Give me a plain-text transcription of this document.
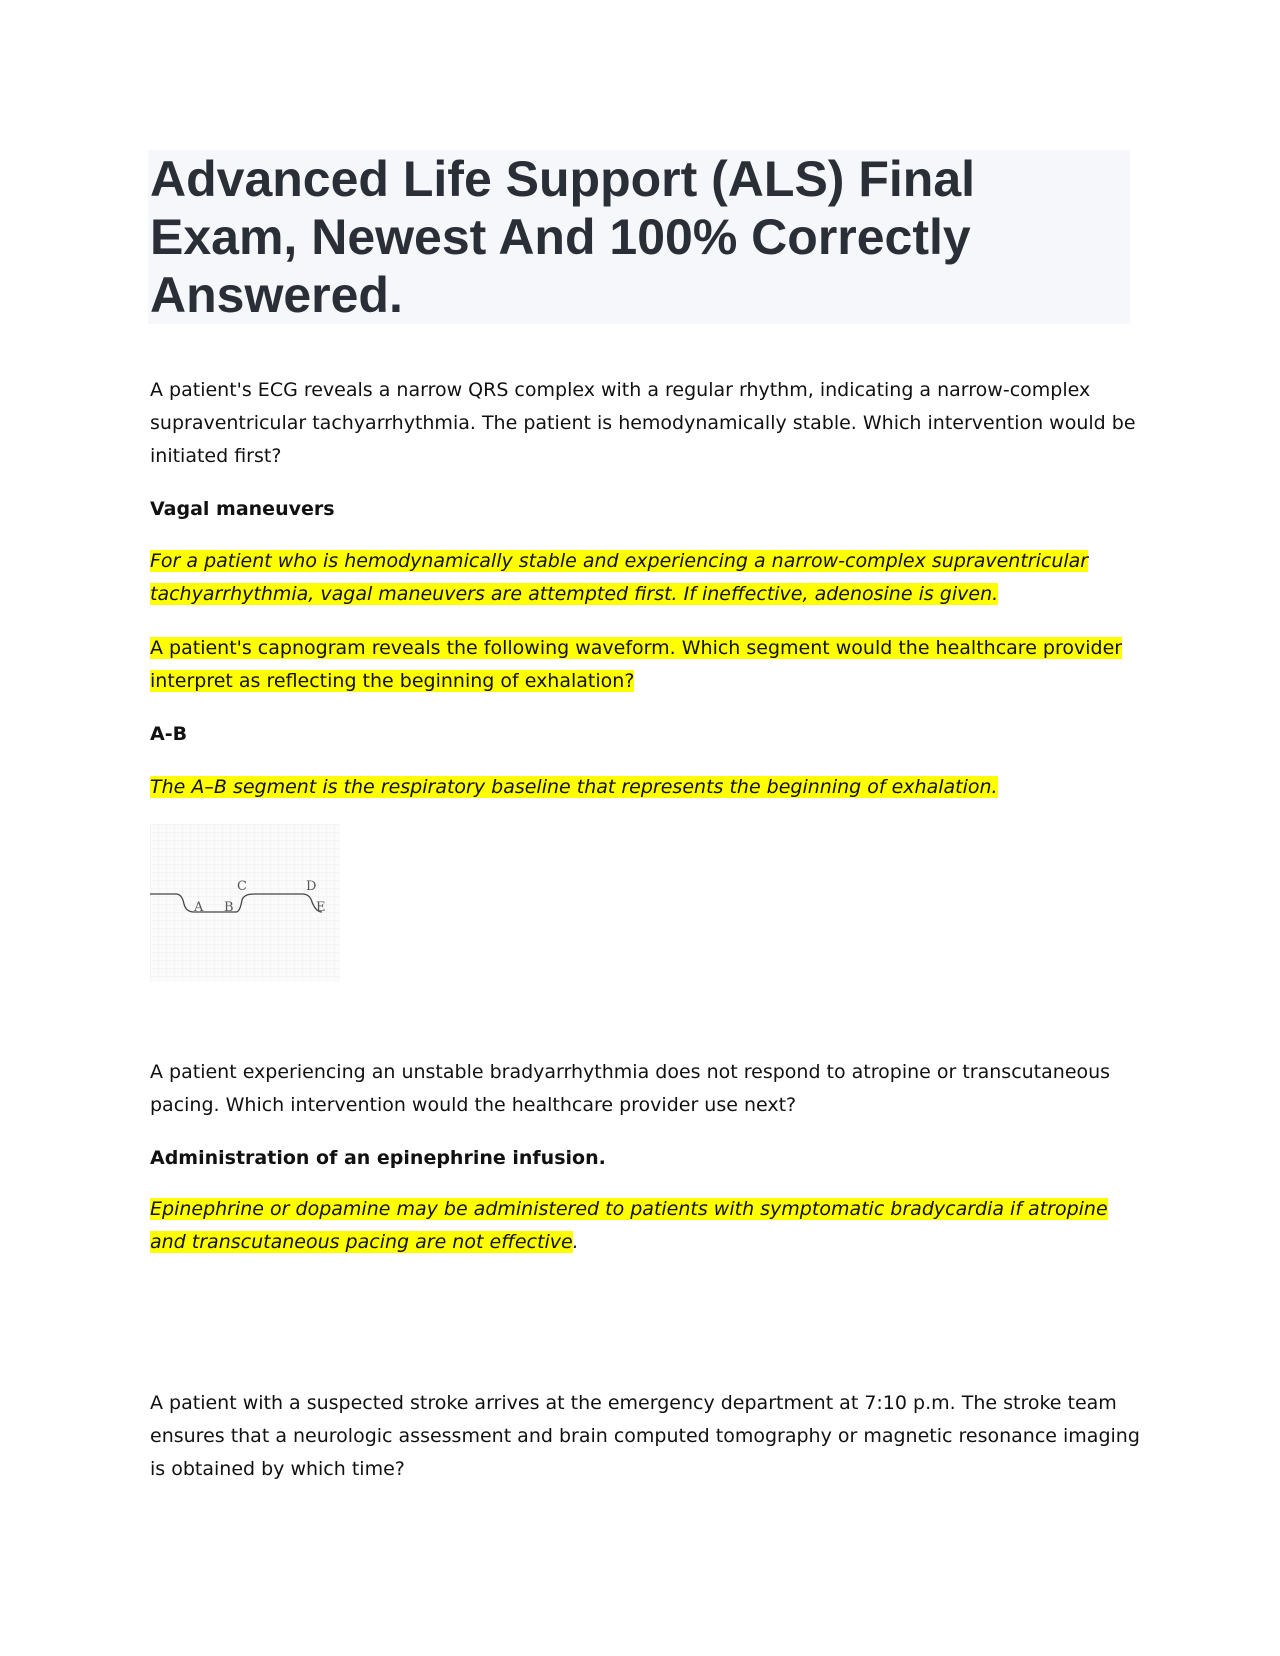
Advanced Life Support (ALS) Final Exam, Newest And 100% Correctly Answered.
A patient's ECG reveals a narrow QRS complex with a regular rhythm, indicating a narrow-complex supraventricular tachyarrhythmia. The patient is hemodynamically stable. Which intervention would be initiated first?
Vagal maneuvers
For a patient who is hemodynamically stable and experiencing a narrow-complex supraventricular tachyarrhythmia, vagal maneuvers are attempted first. If ineffective, adenosine is given.
A patient's capnogram reveals the following waveform. Which segment would the healthcare provider interpret as reflecting the beginning of exhalation?
A-B
The A–B segment is the respiratory baseline that represents the beginning of exhalation.
A B
C	D
E
A patient experiencing an unstable bradyarrhythmia does not respond to atropine or transcutaneous pacing. Which intervention would the healthcare provider use next?
Administration of an epinephrine infusion.
Epinephrine or dopamine may be administered to patients with symptomatic bradycardia if atropine and transcutaneous pacing are not effective.
A patient with a suspected stroke arrives at the emergency department at 7:10 p.m. The stroke team ensures that a neurologic assessment and brain computed tomography or magnetic resonance imaging is obtained by which time?
